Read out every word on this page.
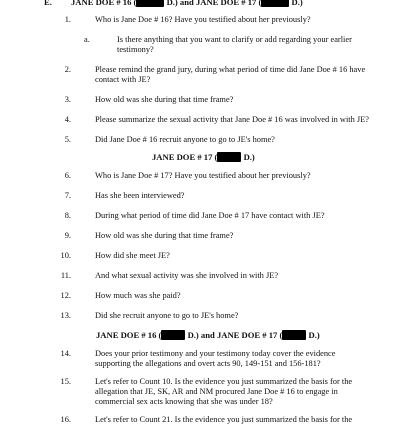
E. JANE DOE # 16 (	D.) and JANE DOE # 17 (	D.)
1.	Who is Jane Doe # 16? Have you testified about her previously?
a.	Is there anything that you want to clarify or add regarding your earlier
testimony?
2.	Please remind the grand jury, during what period of time did Jane Doe # 16 have
contact with JE?
3.	How old was she during that time frame?
4.	Please summarize the sexual activity that Jane Doe # 16 was involved in with JE?
5.	Did Jane Doe # 16 recruit anyone to go to JE's home?
JANE DOE # 17 (	D.)
6.	Who is Jane Doe # 17? Have you testified about her previously?
7.	Has she been interviewed?
8.	During what period of time did Jane Doe # 17 have contact with JE?
9.	How old was she during that time frame?
10.	How did she meet JE?
11.	And what sexual activity was she involved in with JE?
12.	How much was she paid?
13.	Did she recruit anyone to go to JE's home?
JANE DOE # 16 (	D.) and JANE DOE # 17 (	D.)
14.	Does your prior testimony and your testimony today cover the evidence
supporting the allegations and overt acts 90, 149-151 and 156-181?
15.	Let's refer to Count 10. Is the evidence you just summarized the basis for the
allegation that JE, SK, AR and NM procured Jane Doe # 16 to engage in
commercial sex acts knowing that she was under 18?
16.	Let's refer to Count 21. Is the evidence you just summarized the basis for the
